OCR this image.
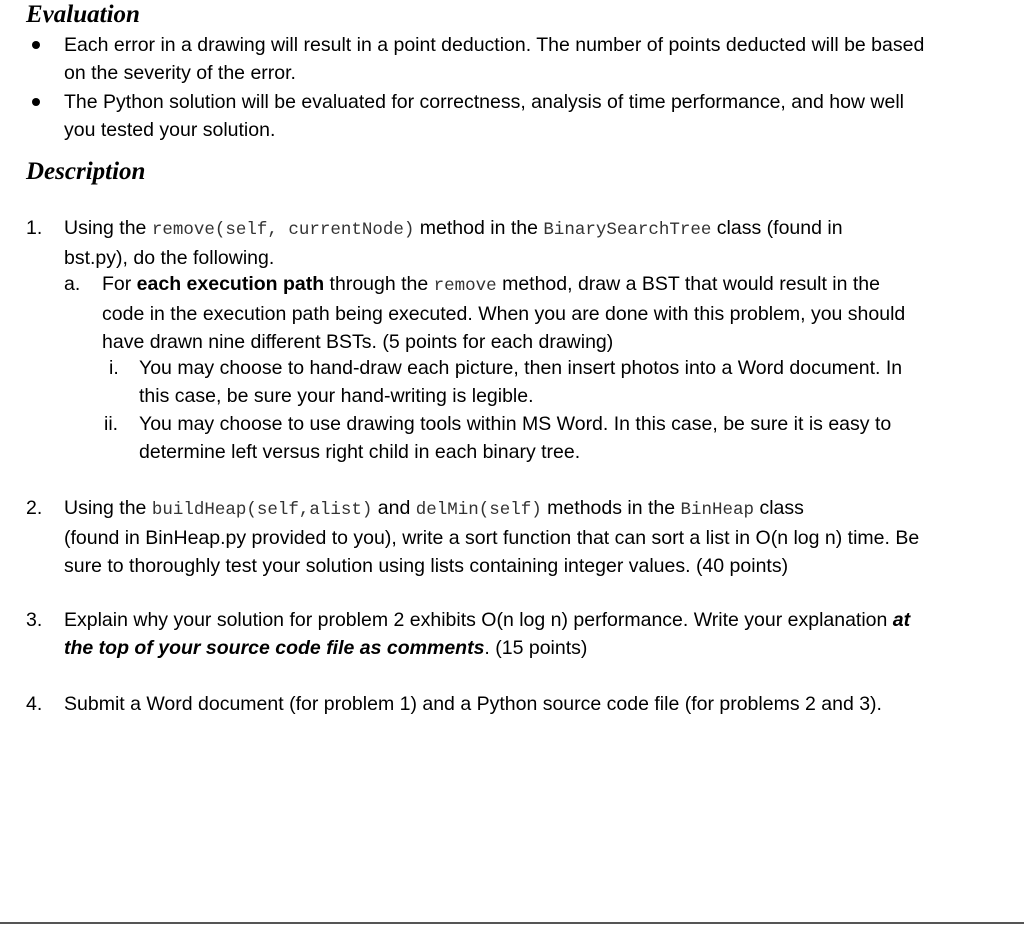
Evaluation
Each error in a drawing will result in a point deduction. The number of points deducted will be based
on the severity of the error.
The Python solution will be evaluated for correctness, analysis of time performance, and how well
you tested your solution.
Description
1. Using the remove(self, currentNode) method in the BinarySearchTree class (found in
bst.py), do the following.
a. For each execution path through the remove method, draw a BST that would result in the
code in the execution path being executed. When you are done with this problem, you should
have drawn nine different BSTs. (5 points for each drawing)
i. You may choose to hand-draw each picture, then insert photos into a Word document. In
this case, be sure your hand-writing is legible.
ii. You may choose to use drawing tools within MS Word. In this case, be sure it is easy to
determine left versus right child in each binary tree.
2. Using the buildHeap(self,alist) and delMin(self) methods in the BinHeap class
(found in BinHeap.py provided to you), write a sort function that can sort a list in O(n log n) time. Be
sure to thoroughly test your solution using lists containing integer values. (40 points)
3. Explain why your solution for problem 2 exhibits O(n log n) performance. Write your explanation at
the top of your source code file as comments. (15 points)
4. Submit a Word document (for problem 1) and a Python source code file (for problems 2 and 3).
